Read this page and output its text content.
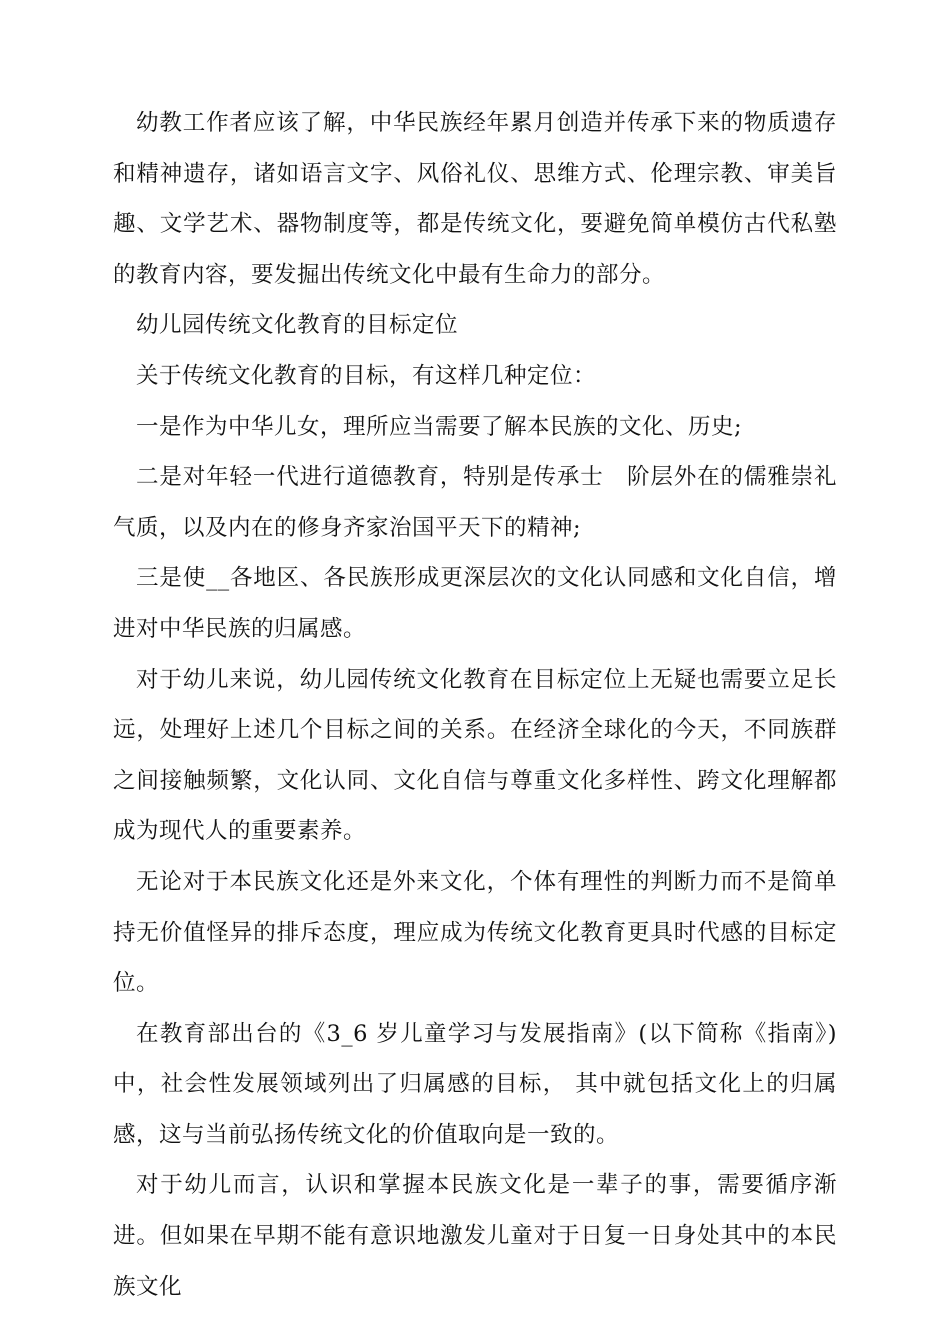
幼教工作者应该了解，中华民族经年累月创造并传承下来的物质遗存和精神遗存，诸如语言文字、风俗礼仪、思维方式、伦理宗教、审美旨趣、文学艺术、器物制度等，都是传统文化，要避免简单模仿古代私塾的教育内容，要发掘出传统文化中最有生命力的部分。

幼儿园传统文化教育的目标定位

关于传统文化教育的目标，有这样几种定位：

一是作为中华儿女，理所应当需要了解本民族的文化、历史;

二是对年轻一代进行道德教育，特别是传承士　阶层外在的儒雅崇礼气质，以及内在的修身齐家治国平天下的精神;

三是使__各地区、各民族形成更深层次的文化认同感和文化自信，增进对中华民族的归属感。

对于幼儿来说，幼儿园传统文化教育在目标定位上无疑也需要立足长远，处理好上述几个目标之间的关系。在经济全球化的今天，不同族群之间接触频繁，文化认同、文化自信与尊重文化多样性、跨文化理解都成为现代人的重要素养。

无论对于本民族文化还是外来文化，个体有理性的判断力而不是简单持无价值怪异的排斥态度，理应成为传统文化教育更具时代感的目标定位。

在教育部出台的《3_6 岁儿童学习与发展指南》(以下简称《指南》)中，社会性发展领域列出了归属感的目标， 其中就包括文化上的归属感，这与当前弘扬传统文化的价值取向是一致的。

对于幼儿而言，认识和掌握本民族文化是一辈子的事，需要循序渐进。但如果在早期不能有意识地激发儿童对于日复一日身处其中的本民族文化
